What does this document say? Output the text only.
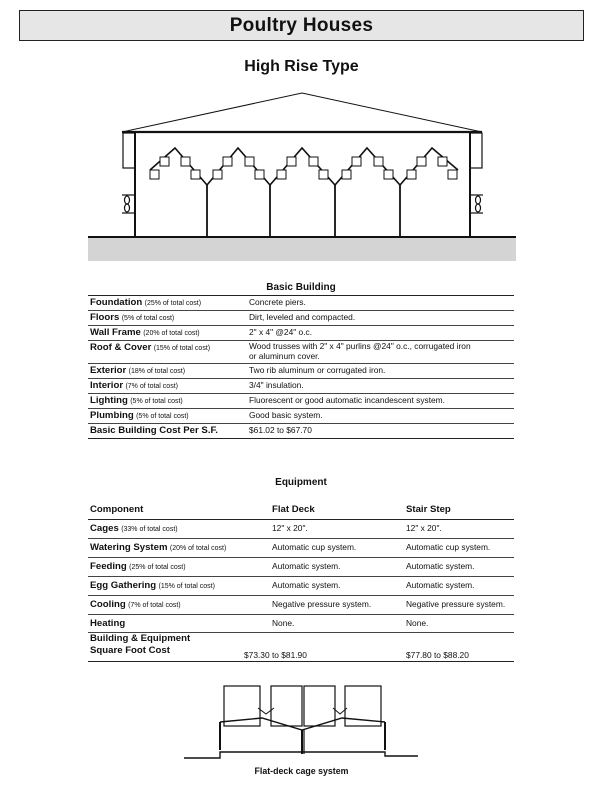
Poultry Houses
High Rise Type
Basic Building
Foundation (25% of total cost)	Concrete piers.

Floors (5% of total cost)	Dirt, leveled and compacted.

Wall Frame (20% of total cost)	2" x 4" @24" o.c.

Roof & Cover (15% of total cost)	Wood trusses with 2" x 4" purlins @24" o.c., corrugated iron
or aluminum cover.

Exterior (18% of total cost)	Two rib aluminum or corrugated iron.

Interior (7% of total cost)	3/4" insulation.

Lighting (5% of total cost)	Fluorescent or good automatic incandescent system.

Plumbing (5% of total cost)	Good basic system.

Basic Building Cost Per S.F.	$61.02 to $67.70
Equipment
Component	Flat Deck	Stair Step
Cages (33% of total cost)	12" x 20".	12" x 20".
Watering System (20% of total cost)	Automatic cup system.	Automatic cup system.
Feeding (25% of total cost)	Automatic system.	Automatic system.
Egg Gathering (15% of total cost)	Automatic system.	Automatic system.
Cooling (7% of total cost)	Negative pressure system.	Negative pressure system.
Heating	None.	None.

Building & Equipment
Square Foot Cost	$73.30 to $81.90	$77.80 to $88.20
Flat-deck cage system
